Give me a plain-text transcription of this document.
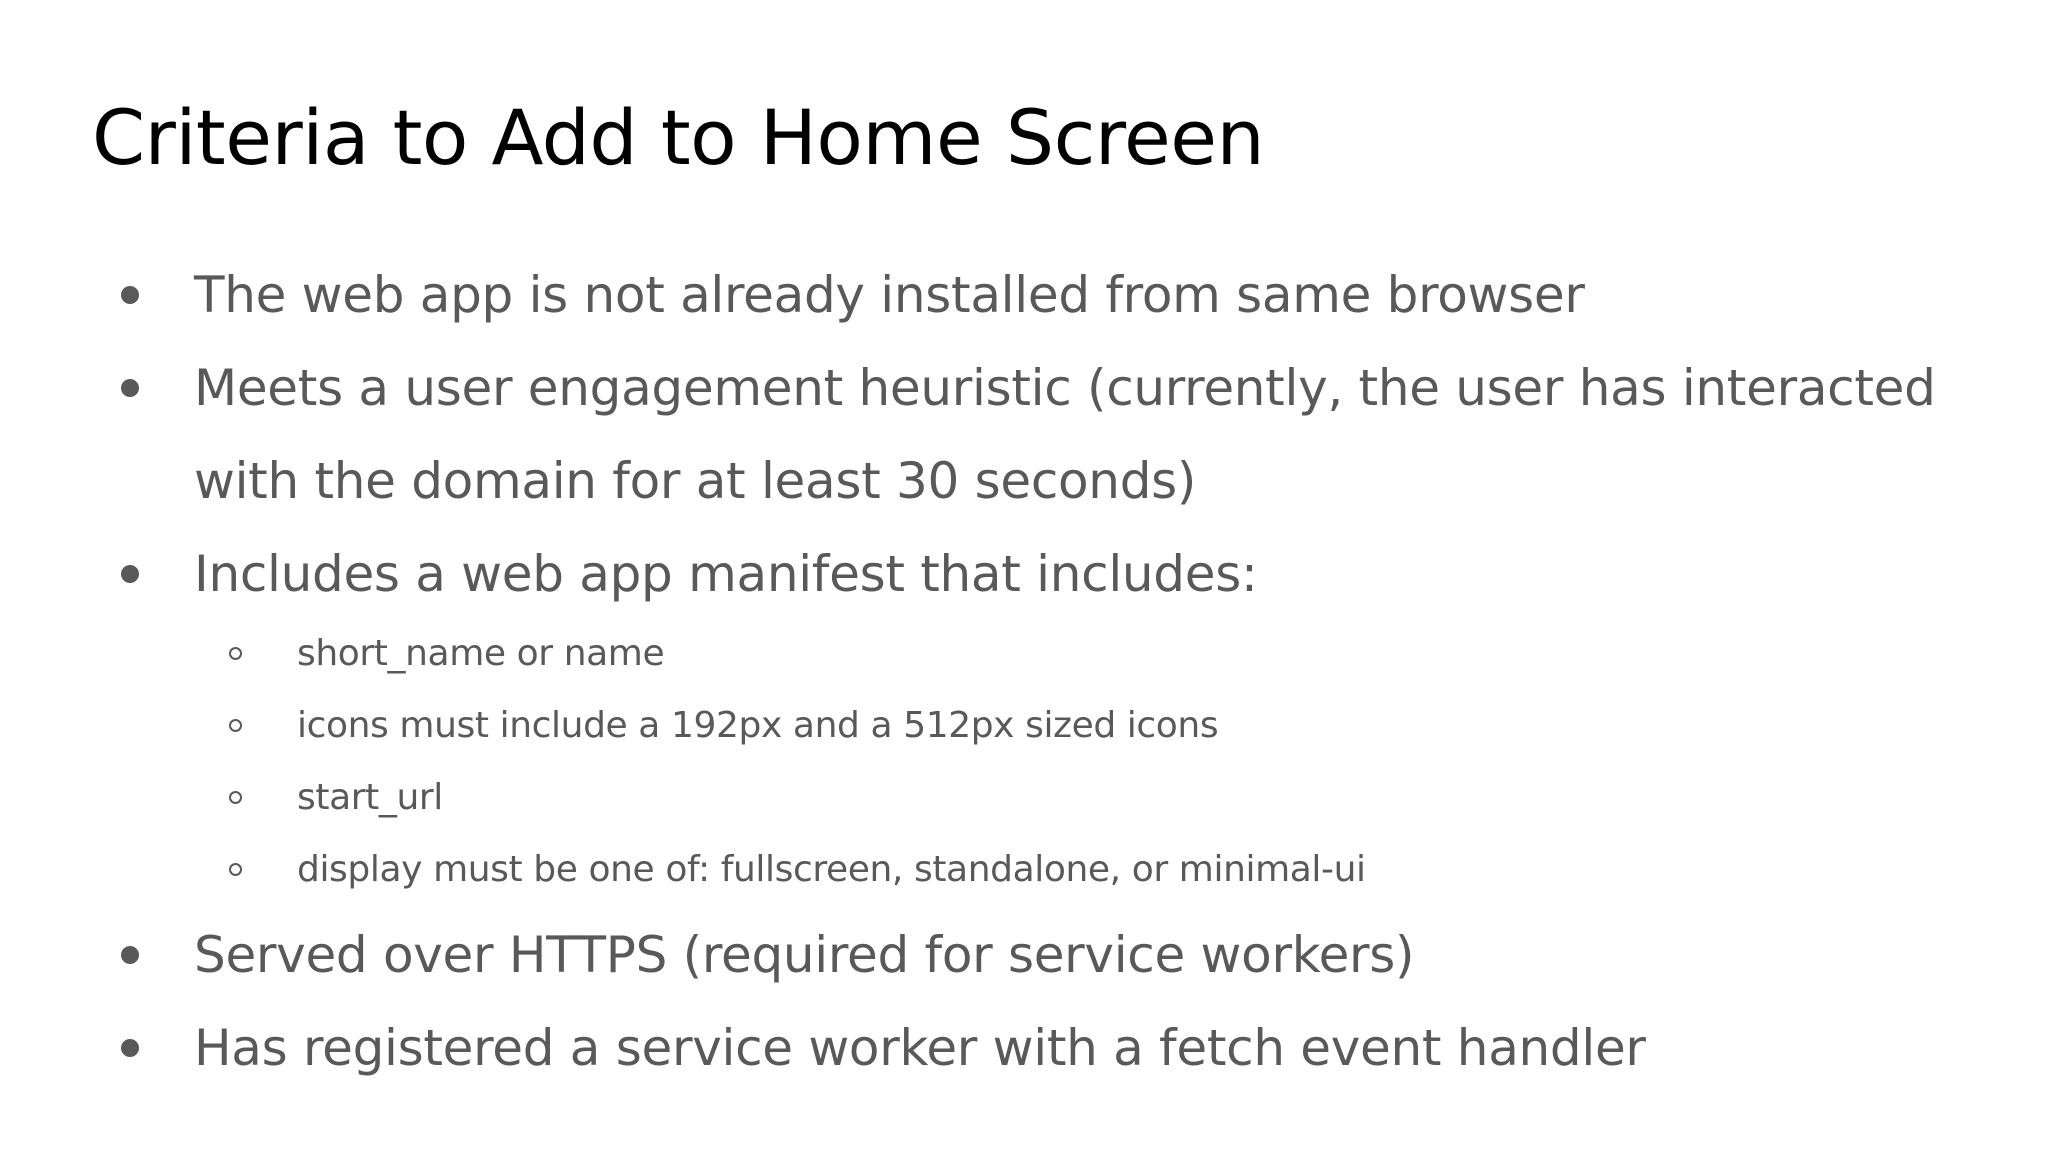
Criteria to Add to Home Screen
The web app is not already installed from same browser
Meets a user engagement heuristic (currently, the user has interacted
with the domain for at least 30 seconds)
Includes a web app manifest that includes:
short_name or name
icons must include a 192px and a 512px sized icons
start_url
display must be one of: fullscreen, standalone, or minimal-ui
Served over HTTPS (required for service workers)
Has registered a service worker with a fetch event handler
